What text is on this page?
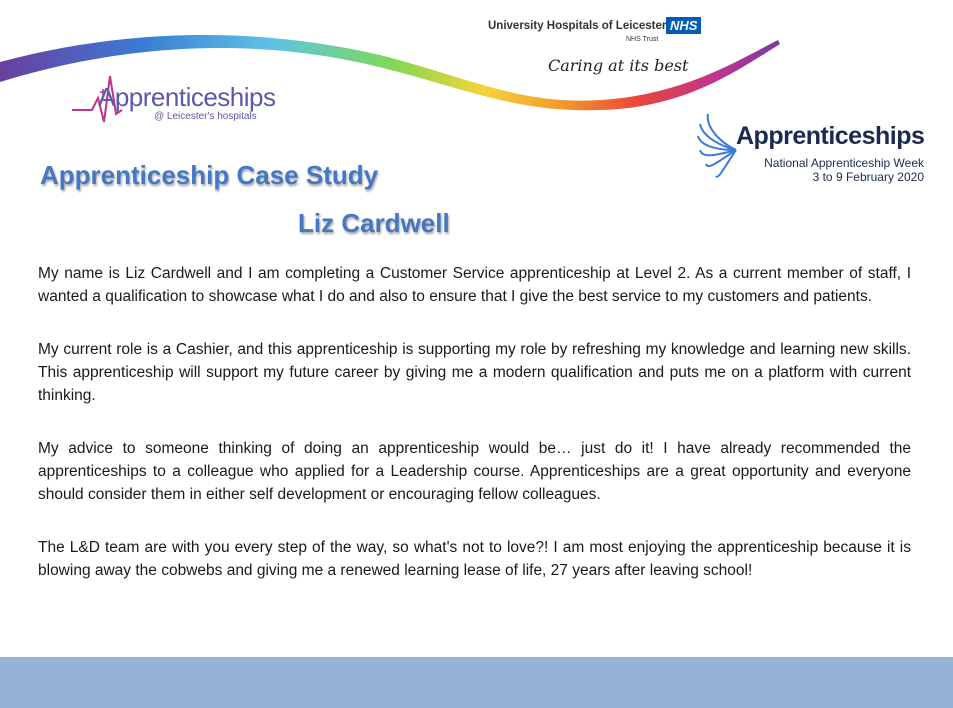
Apprenticeships
@ Leicester's hospitals
University Hospitals of Leicester NHS
NHS Trust
Caring at its best
Apprenticeships
National Apprenticeship Week
3 to 9 February 2020
Apprenticeship Case Study
Liz Cardwell

My name is Liz Cardwell and I am completing a Customer Service apprenticeship at Level 2. As a current member of staff, I wanted a qualification to showcase what I do and also to ensure that I give the best service to my customers and patients.

My current role is a Cashier, and this apprenticeship is supporting my role by refreshing my knowledge and learning new skills. This apprenticeship will support my future career by giving me a modern qualification and puts me on a platform with current thinking.

My advice to someone thinking of doing an apprenticeship would be… just do it! I have already recommended the apprenticeships to a colleague who applied for a Leadership course. Apprenticeships are a great opportunity and everyone should consider them in either self development or encouraging fellow colleagues.

The L&D team are with you every step of the way, so what's not to love?! I am most enjoying the apprenticeship because it is blowing away the cobwebs and giving me a renewed learning lease of life, 27 years after leaving school!
